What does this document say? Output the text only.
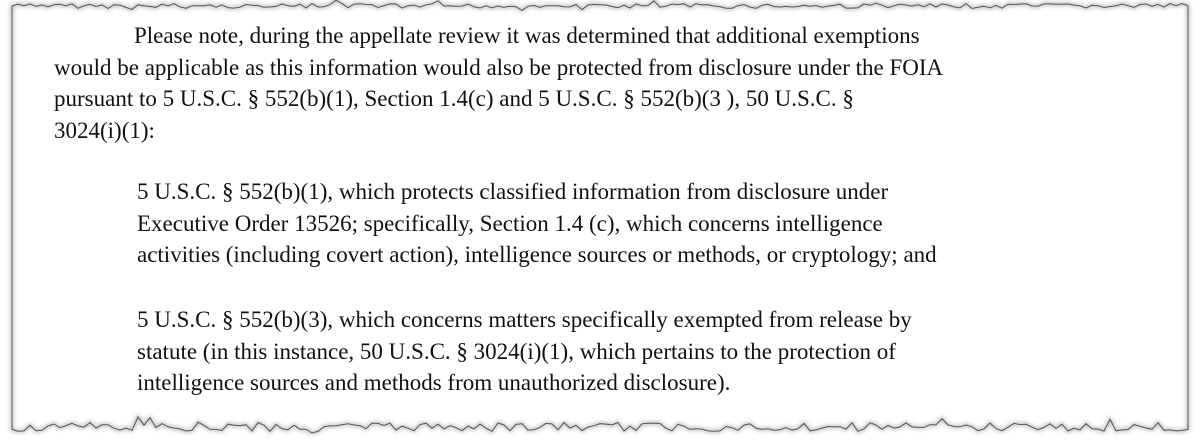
Please note, during the appellate review it was determined that additional exemptions
would be applicable as this information would also be protected from disclosure under the FOIA
pursuant to 5 U.S.C. § 552(b)(1), Section 1.4(c) and 5 U.S.C. § 552(b)(3 ), 50 U.S.C. §
3024(i)(1):
5 U.S.C. § 552(b)(1), which protects classified information from disclosure under
Executive Order 13526; specifically, Section 1.4 (c), which concerns intelligence
activities (including covert action), intelligence sources or methods, or cryptology; and
5 U.S.C. § 552(b)(3), which concerns matters specifically exempted from release by
statute (in this instance, 50 U.S.C. § 3024(i)(1), which pertains to the protection of
intelligence sources and methods from unauthorized disclosure).
